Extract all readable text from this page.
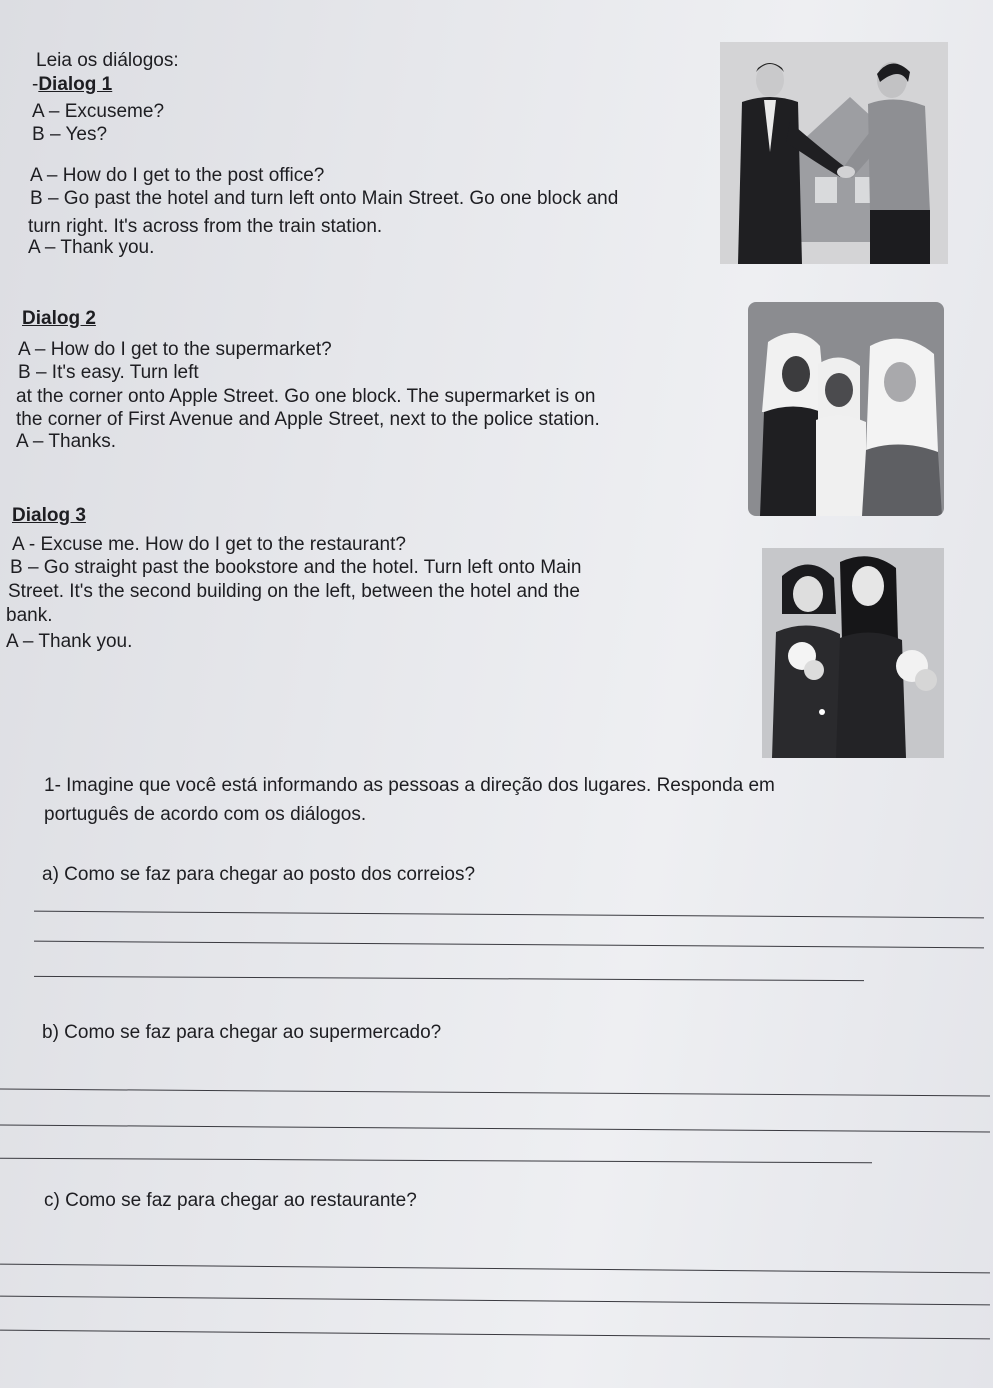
Leia os diálogos:
-Dialog 1
A – Excuseme?
B – Yes?
A – How do I get to the post office?
B – Go past the hotel and turn left onto Main Street. Go one block and
turn right. It's across from the train station.
A – Thank you.
Dialog 2
A – How do I get to the supermarket?
B – It's easy. Turn left
at the corner onto Apple Street. Go one block. The supermarket is on
the corner of First Avenue and Apple Street, next to the police station.
A – Thanks.
Dialog 3
A - Excuse me. How do I get to the restaurant?
B – Go straight past the bookstore and the hotel. Turn left onto Main
Street. It's the second building on the left, between the hotel and the
bank.
A – Thank you.
1- Imagine que você está informando as pessoas a direção dos lugares. Responda em
português de acordo com os diálogos.
a) Como se faz para chegar ao posto dos correios?
b) Como se faz para chegar ao supermercado?
c) Como se faz para chegar ao restaurante?
